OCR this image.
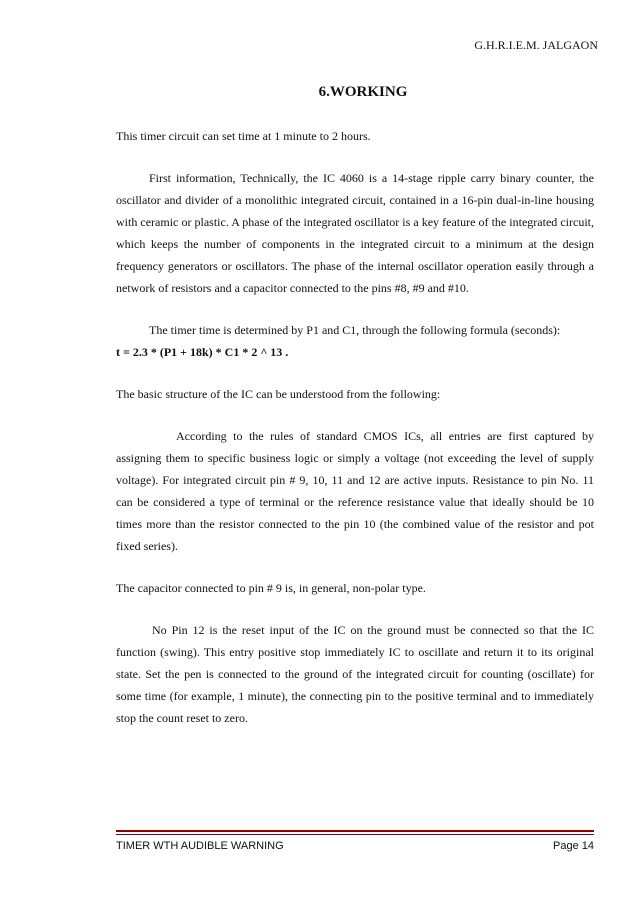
G.H.R.I.E.M. JALGAON
6.WORKING

This timer circuit can set time at 1 minute to 2 hours.

First information, Technically, the IC 4060 is a 14-stage ripple carry binary counter, the oscillator and divider of a monolithic integrated circuit, contained in a 16-pin dual-in-line housing with ceramic or plastic. A phase of the integrated oscillator is a key feature of the integrated circuit, which keeps the number of components in the integrated circuit to a minimum at the design frequency generators or oscillators. The phase of the internal oscillator operation easily through a network of resistors and a capacitor connected to the pins #8, #9 and #10.

The timer time is determined by P1 and C1, through the following formula (seconds):
t = 2.3 * (P1 + 18k) * C1 * 2 ^ 13 .

The basic structure of the IC can be understood from the following:

According to the rules of standard CMOS ICs, all entries are first captured by assigning them to specific business logic or simply a voltage (not exceeding the level of supply voltage). For integrated circuit pin # 9, 10, 11 and 12 are active inputs. Resistance to pin No. 11 can be considered a type of terminal or the reference resistance value that ideally should be 10 times more than the resistor connected to the pin 10 (the combined value of the resistor and pot fixed series).

The capacitor connected to pin # 9 is, in general, non-polar type.

No Pin 12 is the reset input of the IC on the ground must be connected so that the IC function (swing). This entry positive stop immediately IC to oscillate and return it to its original state. Set the pen is connected to the ground of the integrated circuit for counting (oscillate) for some time (for example, 1 minute), the connecting pin to the positive terminal and to immediately stop the count reset to zero.

TIMER WTH AUDIBLE WARNING	Page 14
